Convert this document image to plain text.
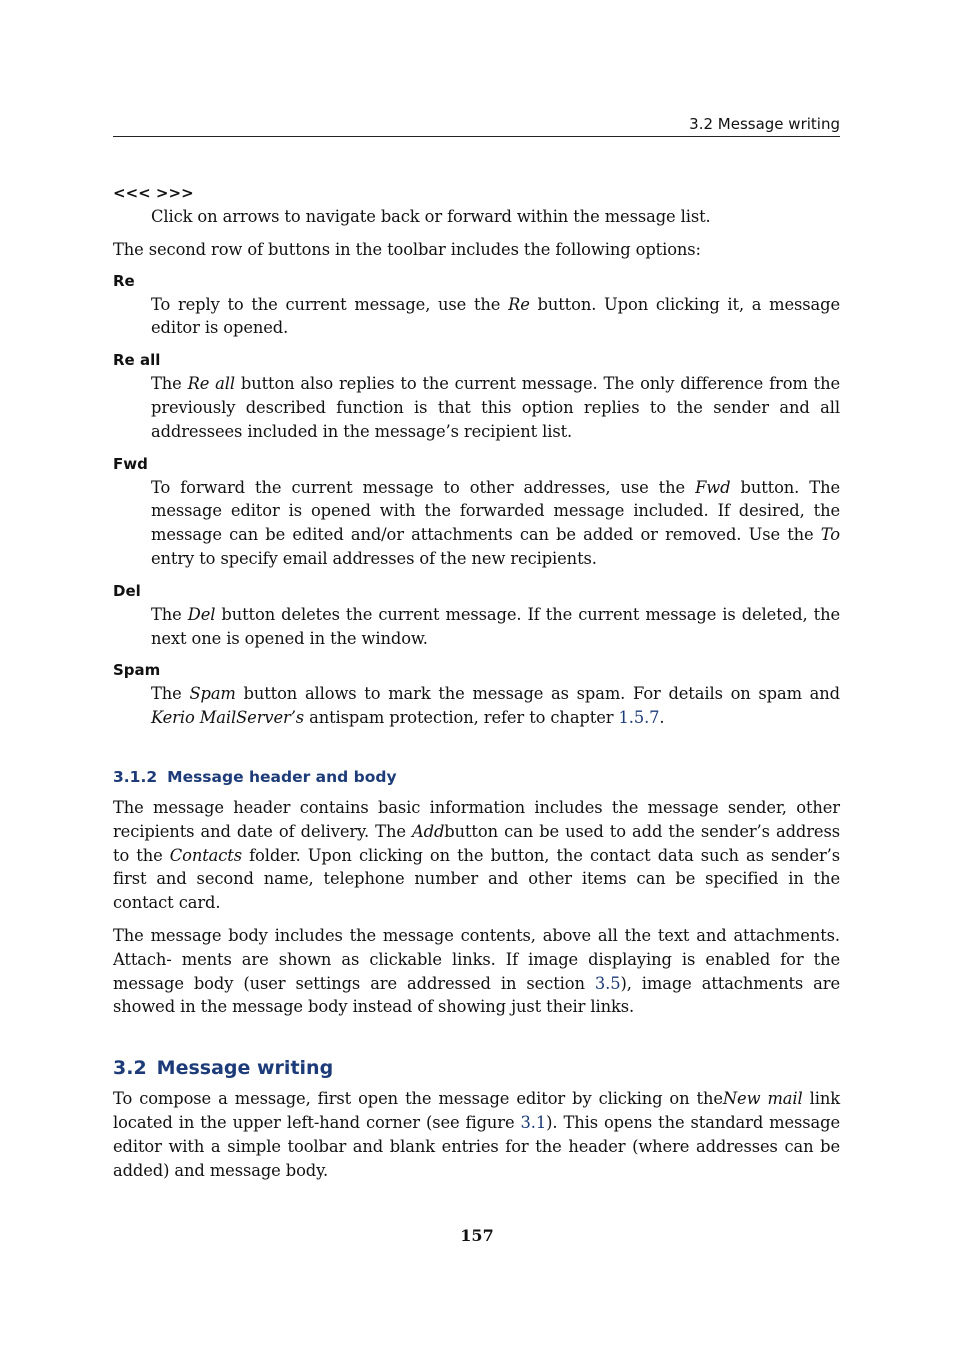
3.2 Message writing
<<< >>>
Click on arrows to navigate back or forward within the message list.

The second row of buttons in the toolbar includes the following options:

Re
To reply to the current message, use the Re button. Upon clicking it, a message editor is opened.
Re all
The Re all button also replies to the current message. The only difference from the previously described function is that this option replies to the sender and all addressees included in the message’s recipient list.
Fwd
To forward the current message to other addresses, use the Fwd button. The message editor is opened with the forwarded message included. If desired, the message can be edited and/or attachments can be added or removed. Use the To entry to specify email addresses of the new recipients.
Del
The Del button deletes the current message. If the current message is deleted, the next one is opened in the window.
Spam
The Spam button allows to mark the message as spam. For details on spam and Kerio MailServer’s antispam protection, refer to chapter 1.5.7.
3.1.2 Message header and body

The message header contains basic information includes the message sender, other recipients and date of delivery. The Addbutton can be used to add the sender’s address to the Contacts folder. Upon clicking on the button, the contact data such as sender’s first and second name, telephone number and other items can be specified in the contact card.

The message body includes the message contents, above all the text and attachments. Attach- ments are shown as clickable links. If image displaying is enabled for the message body (user settings are addressed in section 3.5), image attachments are showed in the message body instead of showing just their links.

3.2 Message writing

To compose a message, first open the message editor by clicking on theNew mail link located in the upper left-hand corner (see figure 3.1). This opens the standard message editor with a simple toolbar and blank entries for the header (where addresses can be added) and message body.

157
